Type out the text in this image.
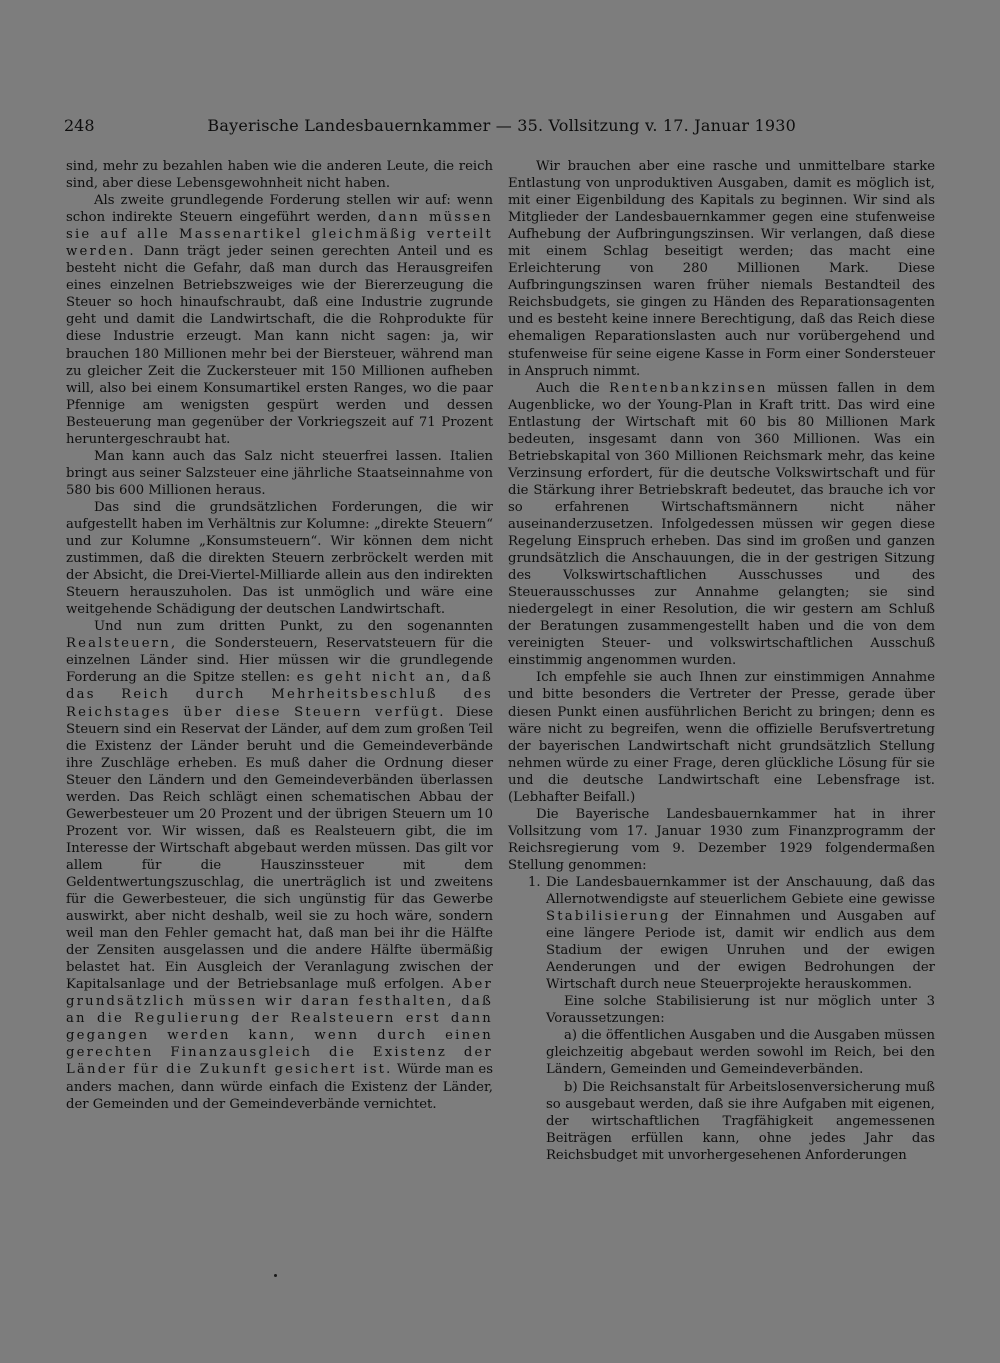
248	Bayerische Landesbauernkammer — 35. Vollsitzung v. 17. Januar 1930

sind, mehr zu bezahlen haben wie die anderen Leute, die reich sind, aber diese Lebensgewohnheit nicht haben.

Als zweite grundlegende Forderung stellen wir auf: wenn schon indirekte Steuern eingeführt werden, dann müssen sie auf alle Massenartikel gleichmäßig verteilt werden. Dann trägt jeder seinen gerechten Anteil und es besteht nicht die Gefahr, daß man durch das Herausgreifen eines einzelnen Betriebszweiges wie der Biererzeugung die Steuer so hoch hinaufschraubt, daß eine Industrie zugrunde geht und damit die Landwirtschaft, die die Rohprodukte für diese Industrie erzeugt. Man kann nicht sagen: ja, wir brauchen 180 Millionen mehr bei der Biersteuer, während man zu gleicher Zeit die Zuckersteuer mit 150 Millionen aufheben will, also bei einem Konsumartikel ersten Ranges, wo die paar Pfennige am wenigsten gespürt werden und dessen Besteuerung man gegenüber der Vorkriegszeit auf 71 Prozent heruntergeschraubt hat.

Man kann auch das Salz nicht steuerfrei lassen. Italien bringt aus seiner Salzsteuer eine jährliche Staatseinnahme von 580 bis 600 Millionen heraus.

Das sind die grundsätzlichen Forderungen, die wir aufgestellt haben im Verhältnis zur Kolumne: „direkte Steuern“ und zur Kolumne „Konsumsteuern“. Wir können dem nicht zustimmen, daß die direkten Steuern zerbröckelt werden mit der Absicht, die Drei-Viertel-Milliarde allein aus den indirekten Steuern herauszuholen. Das ist unmöglich und wäre eine weitgehende Schädigung der deutschen Landwirtschaft.

Und nun zum dritten Punkt, zu den sogenannten Realsteuern, die Sondersteuern, Reservatsteuern für die einzelnen Länder sind. Hier müssen wir die grundlegende Forderung an die Spitze stellen: es geht nicht an, daß das Reich durch Mehrheitsbeschluß des Reichstages über diese Steuern verfügt. Diese Steuern sind ein Reservat der Länder, auf dem zum großen Teil die Existenz der Länder beruht und die Gemeindeverbände ihre Zuschläge erheben. Es muß daher die Ordnung dieser Steuer den Ländern und den Gemeindeverbänden überlassen werden. Das Reich schlägt einen schematischen Abbau der Gewerbesteuer um 20 Prozent und der übrigen Steuern um 10 Prozent vor. Wir wissen, daß es Realsteuern gibt, die im Interesse der Wirtschaft abgebaut werden müssen. Das gilt vor allem für die Hauszinssteuer mit dem Geldentwertungszuschlag, die unerträglich ist und zweitens für die Gewerbesteuer, die sich ungünstig für das Gewerbe auswirkt, aber nicht deshalb, weil sie zu hoch wäre, sondern weil man den Fehler gemacht hat, daß man bei ihr die Hälfte der Zensiten ausgelassen und die andere Hälfte übermäßig belastet hat. Ein Ausgleich der Veranlagung zwischen der Kapitalsanlage und der Betriebsanlage muß erfolgen. Aber grundsätzlich müssen wir daran festhalten, daß an die Regulierung der Realsteuern erst dann gegangen werden kann, wenn durch einen gerechten Finanzausgleich die Existenz der Länder für die Zukunft gesichert ist. Würde man es anders machen, dann würde einfach die Existenz der Länder, der Gemeinden und der Gemeindeverbände vernichtet.

Wir brauchen aber eine rasche und unmittelbare starke Entlastung von unproduktiven Ausgaben, damit es möglich ist, mit einer Eigenbildung des Kapitals zu beginnen. Wir sind als Mitglieder der Landesbauernkammer gegen eine stufenweise Aufhebung der Aufbringungszinsen. Wir verlangen, daß diese mit einem Schlag beseitigt werden; das macht eine Erleichterung von 280 Millionen Mark. Diese Aufbringungszinsen waren früher niemals Bestandteil des Reichsbudgets, sie gingen zu Händen des Reparationsagenten und es besteht keine innere Berechtigung, daß das Reich diese ehemaligen Reparationslasten auch nur vorübergehend und stufenweise für seine eigene Kasse in Form einer Sondersteuer in Anspruch nimmt.

Auch die Rentenbankzinsen müssen fallen in dem Augenblicke, wo der Young-Plan in Kraft tritt. Das wird eine Entlastung der Wirtschaft mit 60 bis 80 Millionen Mark bedeuten, insgesamt dann von 360 Millionen. Was ein Betriebskapital von 360 Millionen Reichsmark mehr, das keine Verzinsung erfordert, für die deutsche Volkswirtschaft und für die Stärkung ihrer Betriebskraft bedeutet, das brauche ich vor so erfahrenen Wirtschaftsmännern nicht näher auseinanderzusetzen. Infolgedessen müssen wir gegen diese Regelung Einspruch erheben. Das sind im großen und ganzen grundsätzlich die Anschauungen, die in der gestrigen Sitzung des Volkswirtschaftlichen Ausschusses und des Steuerausschusses zur Annahme gelangten; sie sind niedergelegt in einer Resolution, die wir gestern am Schluß der Beratungen zusammengestellt haben und die von dem vereinigten Steuer- und volkswirtschaftlichen Ausschuß einstimmig angenommen wurden.

Ich empfehle sie auch Ihnen zur einstimmigen Annahme und bitte besonders die Vertreter der Presse, gerade über diesen Punkt einen ausführlichen Bericht zu bringen; denn es wäre nicht zu begreifen, wenn die offizielle Berufsvertretung der bayerischen Landwirtschaft nicht grundsätzlich Stellung nehmen würde zu einer Frage, deren glückliche Lösung für sie und die deutsche Landwirtschaft eine Lebensfrage ist. (Lebhafter Beifall.)

Die Bayerische Landesbauernkammer hat in ihrer Vollsitzung vom 17. Januar 1930 zum Finanzprogramm der Reichsregierung vom 9. Dezember 1929 folgendermaßen Stellung genommen:

1. Die Landesbauernkammer ist der Anschauung, daß das Allernotwendigste auf steuerlichem Gebiete eine gewisse Stabilisierung der Einnahmen und Ausgaben auf eine längere Periode ist, damit wir endlich aus dem Stadium der ewigen Unruhen und der ewigen Aenderungen und der ewigen Bedrohungen der Wirtschaft durch neue Steuerprojekte herauskommen.

Eine solche Stabilisierung ist nur möglich unter 3 Voraussetzungen:

a) die öffentlichen Ausgaben und die Ausgaben müssen gleichzeitig abgebaut werden sowohl im Reich, bei den Ländern, Gemeinden und Gemeindeverbänden.

b) Die Reichsanstalt für Arbeitslosenversicherung muß so ausgebaut werden, daß sie ihre Aufgaben mit eigenen, der wirtschaftlichen Tragfähigkeit angemessenen Beiträgen erfüllen kann, ohne jedes Jahr das Reichsbudget mit unvorhergesehenen Anforderungen
